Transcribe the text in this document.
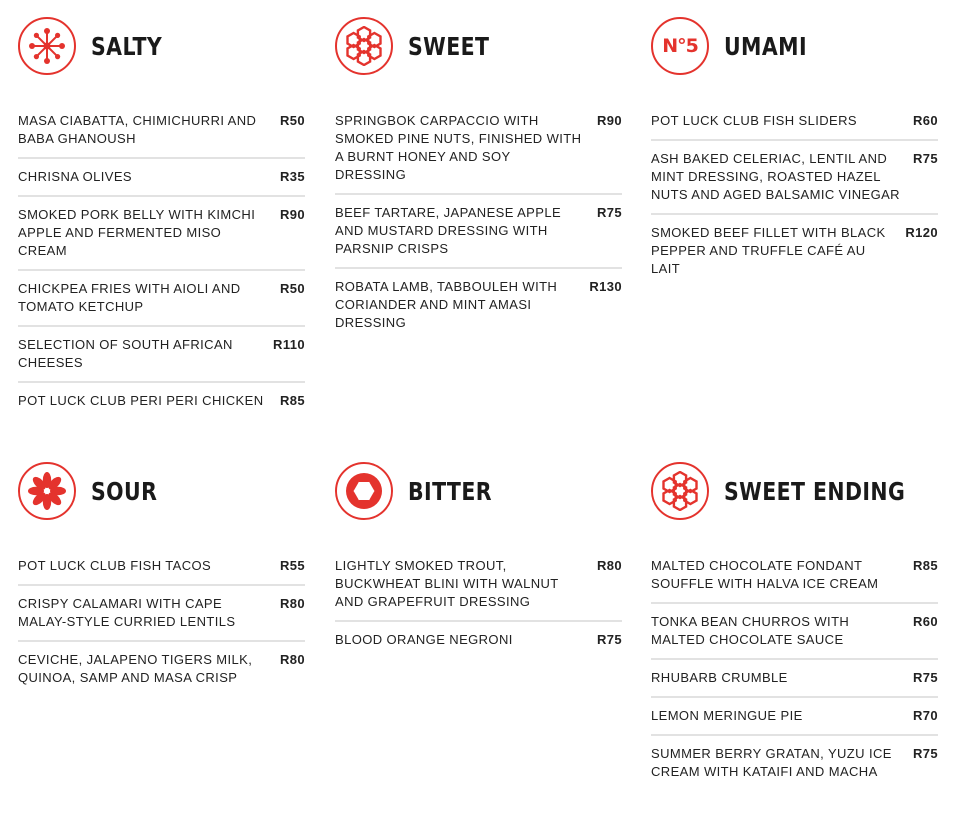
SALTY
MASA CIABATTA, CHIMICHURRI AND BABA GHANOUSH
R50
CHRISNA OLIVES	R35
SMOKED PORK BELLY WITH KIMCHI APPLE AND FERMENTED MISO CREAM
R90
CHICKPEA FRIES WITH AIOLI AND TOMATO KETCHUP
R50
SELECTION OF SOUTH AFRICAN CHEESES
R110
POT LUCK CLUB PERI PERI CHICKEN	R85
SWEET
SPRINGBOK CARPACCIO WITH SMOKED PINE NUTS, FINISHED WITH A BURNT HONEY AND SOY DRESSING
R90
BEEF TARTARE, JAPANESE APPLE AND MUSTARD DRESSING WITH PARSNIP CRISPS
R75
ROBATA LAMB, TABBOULEH WITH CORIANDER AND MINT AMASI DRESSING
R130
N°5 UMAMI
POT LUCK CLUB FISH SLIDERS	R60
ASH BAKED CELERIAC, LENTIL AND MINT DRESSING, ROASTED HAZEL NUTS AND AGED BALSAMIC VINEGAR
R75
SMOKED BEEF FILLET WITH BLACK PEPPER AND TRUFFLE CAFÉ AU LAIT
R120
SOUR
POT LUCK CLUB FISH TACOS	R55
CRISPY CALAMARI WITH CAPE MALAY-STYLE CURRIED LENTILS
R80
CEVICHE, JALAPENO TIGERS MILK, QUINOA, SAMP AND MASA CRISP
R80
BITTER
LIGHTLY SMOKED TROUT, BUCKWHEAT BLINI WITH WALNUT AND GRAPEFRUIT DRESSING
R80
BLOOD ORANGE NEGRONI	R75
SWEET ENDING
MALTED CHOCOLATE FONDANT SOUFFLE WITH HALVA ICE CREAM
R85
TONKA BEAN CHURROS WITH MALTED CHOCOLATE SAUCE
R60
RHUBARB CRUMBLE	R75
LEMON MERINGUE PIE	R70
SUMMER BERRY GRATAN, YUZU ICE CREAM WITH KATAIFI AND MACHA
R75
